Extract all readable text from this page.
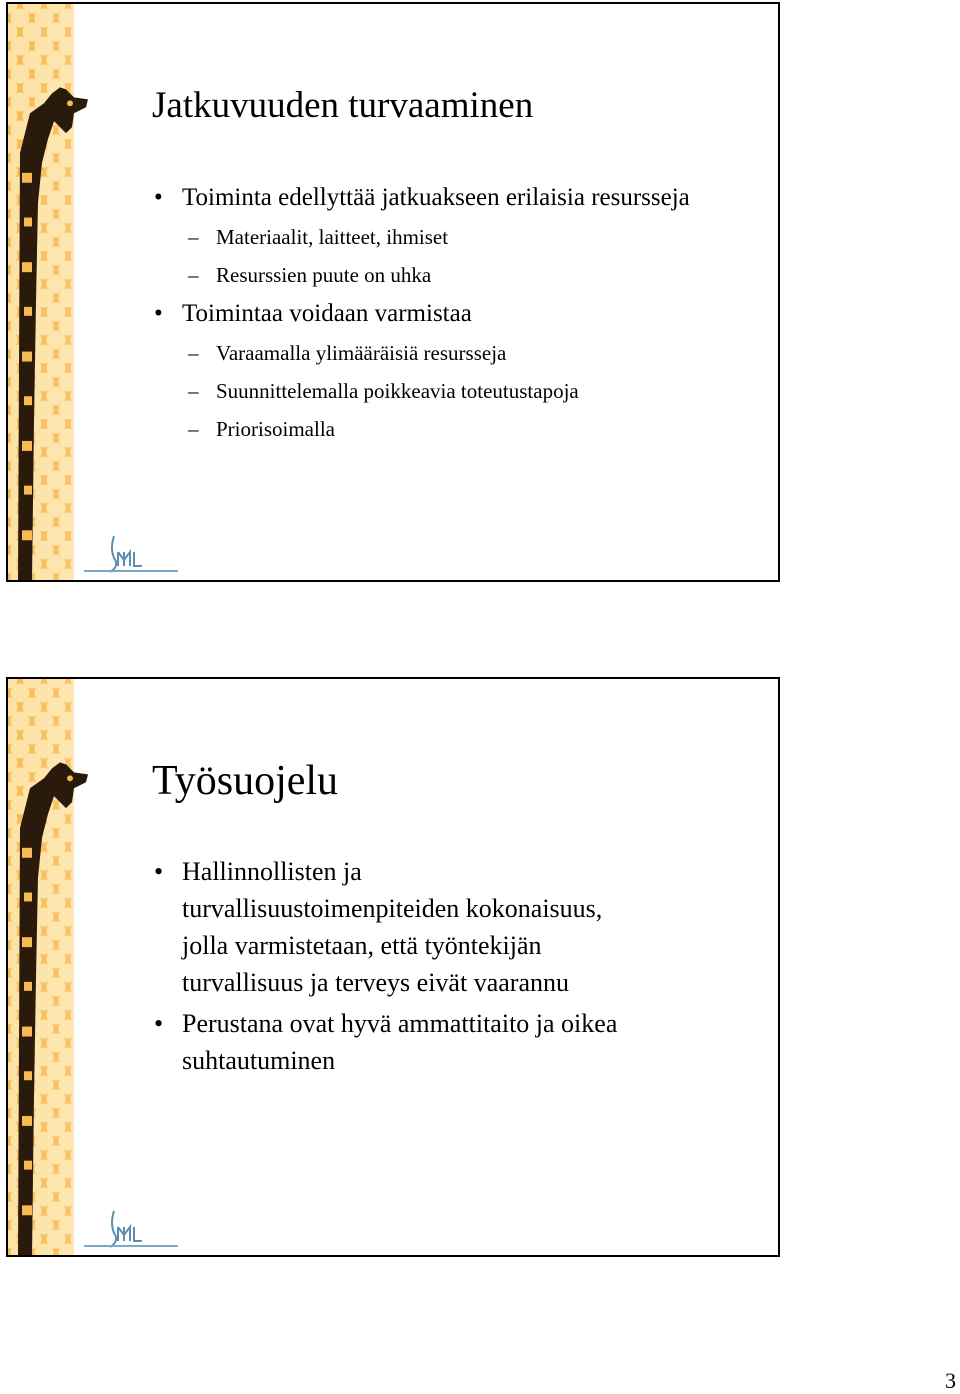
Jatkuvuuden turvaaminen
• Toiminta edellyttää jatkuakseen erilaisia resursseja
– Materiaalit, laitteet, ihmiset
– Resurssien puute on uhka
• Toimintaa voidaan varmistaa
– Varaamalla ylimääräisiä resursseja
– Suunnittelemalla poikkeavia toteutustapoja
– Priorisoimalla
Työsuojelu
• Hallinnollisten ja turvallisuustoimenpiteiden kokonaisuus, jolla varmistetaan, että työntekijän turvallisuus ja terveys eivät vaarannu
• Perustana ovat hyvä ammattitaito ja oikea suhtautuminen
3
